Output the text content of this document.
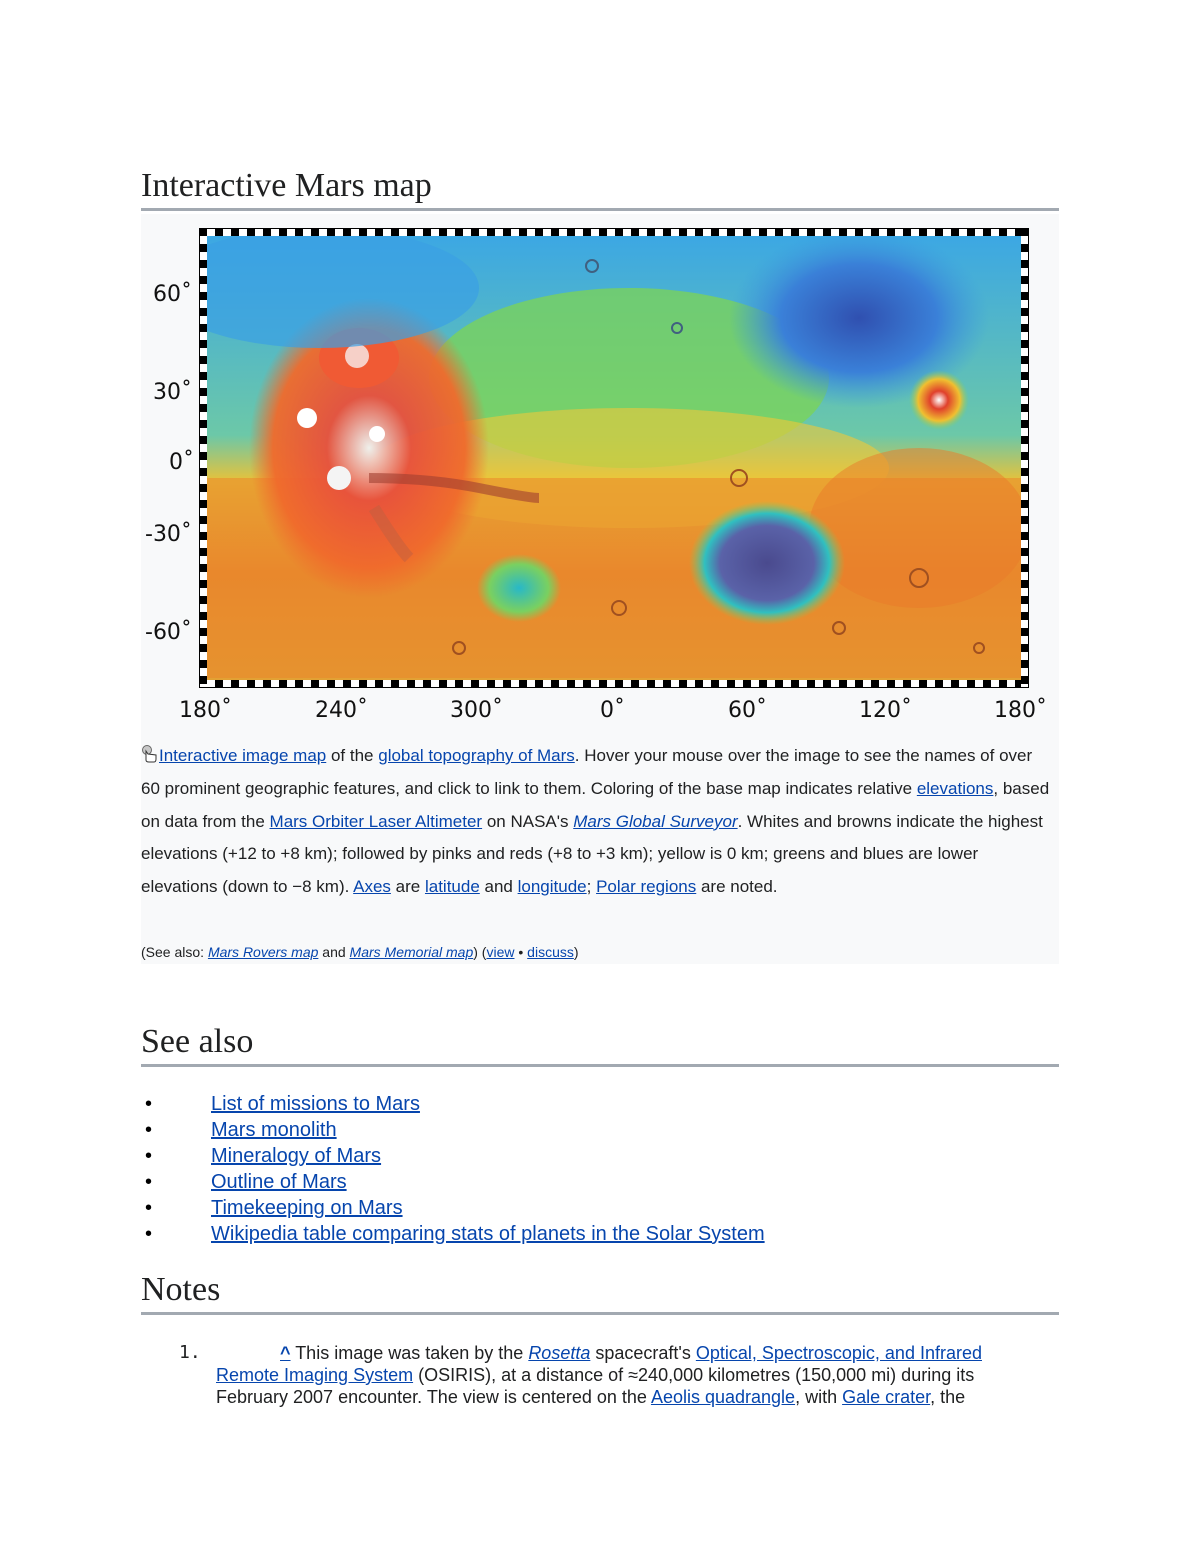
Interactive Mars map
60˚
30˚
0˚
-30˚
-60˚
180˚	240˚	300˚	0˚	60˚	120˚	180˚
Interactive image map of the global topography of Mars. Hover your mouse over the image to see the names of over 60 prominent geographic features, and click to link to them. Coloring of the base map indicates relative elevations, based on data from the Mars Orbiter Laser Altimeter on NASA's Mars Global Surveyor. Whites and browns indicate the highest elevations (+12 to +8 km); followed by pinks and reds (+8 to +3 km); yellow is 0 km; greens and blues are lower elevations (down to −8 km). Axes are latitude and longitude; Polar regions are noted.
(See also: Mars Rovers map and Mars Memorial map) (view • discuss)
See also
•	List of missions to Mars
•	Mars monolith
•	Mineralogy of Mars
•	Outline of Mars
•	Timekeeping on Mars
•	Wikipedia table comparing stats of planets in the Solar System
Notes
1.	^ This image was taken by the Rosetta spacecraft's Optical, Spectroscopic, and Infrared Remote Imaging System (OSIRIS), at a distance of ≈240,000 kilometres (150,000 mi) during its February 2007 encounter. The view is centered on the Aeolis quadrangle, with Gale crater, the
